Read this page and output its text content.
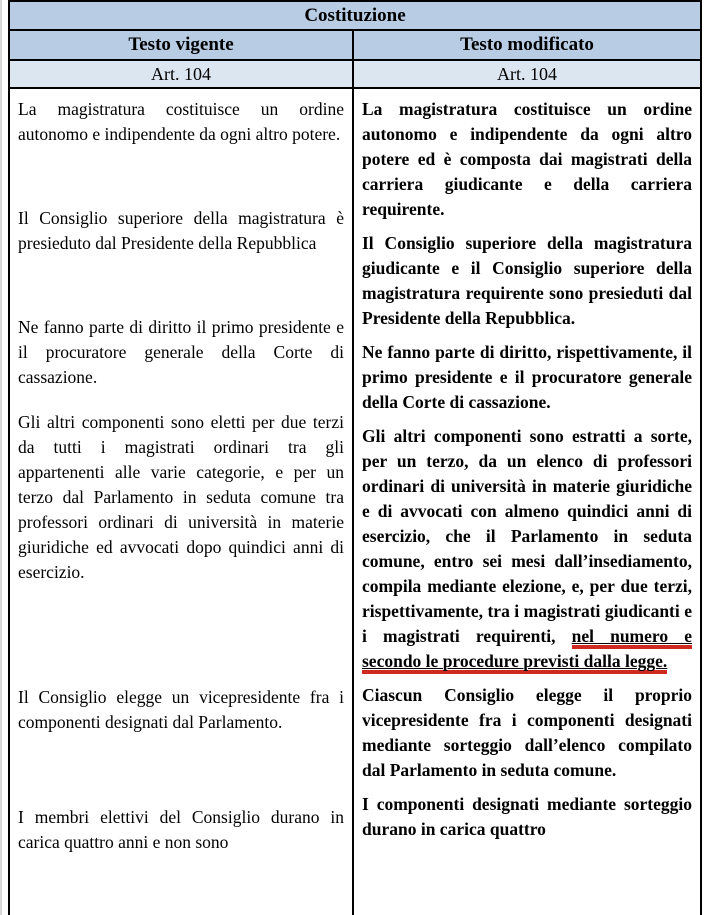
Costituzione
Testo vigente	Testo modificato
Art. 104	Art. 104

La magistratura costituisce un ordine autonomo e indipendente da ogni altro potere.

Il Consiglio superiore della magistratura è presieduto dal Presidente della Repubblica

Ne fanno parte di diritto il primo presidente e il procuratore generale della Corte di cassazione.

Gli altri componenti sono eletti per due terzi da tutti i magistrati ordinari tra gli appartenenti alle varie categorie, e per un terzo dal Parlamento in seduta comune tra professori ordinari di università in materie giuridiche ed avvocati dopo quindici anni di esercizio.

Il Consiglio elegge un vicepresidente fra i componenti designati dal Parlamento.

I membri elettivi del Consiglio durano in carica quattro anni e non sono

La magistratura costituisce un ordine autonomo e indipendente da ogni altro potere ed è composta dai magistrati della carriera giudicante e della carriera requirente.

Il Consiglio superiore della magistratura giudicante e il Consiglio superiore della magistratura requirente sono presieduti dal Presidente della Repubblica.

Ne fanno parte di diritto, rispettivamente, il primo presidente e il procuratore generale della Corte di cassazione.

Gli altri componenti sono estratti a sorte, per un terzo, da un elenco di professori ordinari di università in materie giuridiche e di avvocati con almeno quindici anni di esercizio, che il Parlamento in seduta comune, entro sei mesi dall’insediamento, compila mediante elezione, e, per due terzi, rispettivamente, tra i magistrati giudicanti e i magistrati requirenti, nel numero e secondo le procedure previsti dalla legge.

Ciascun Consiglio elegge il proprio vicepresidente fra i componenti designati mediante sorteggio dall’elenco compilato dal Parlamento in seduta comune.

I componenti designati mediante sorteggio durano in carica quattro
